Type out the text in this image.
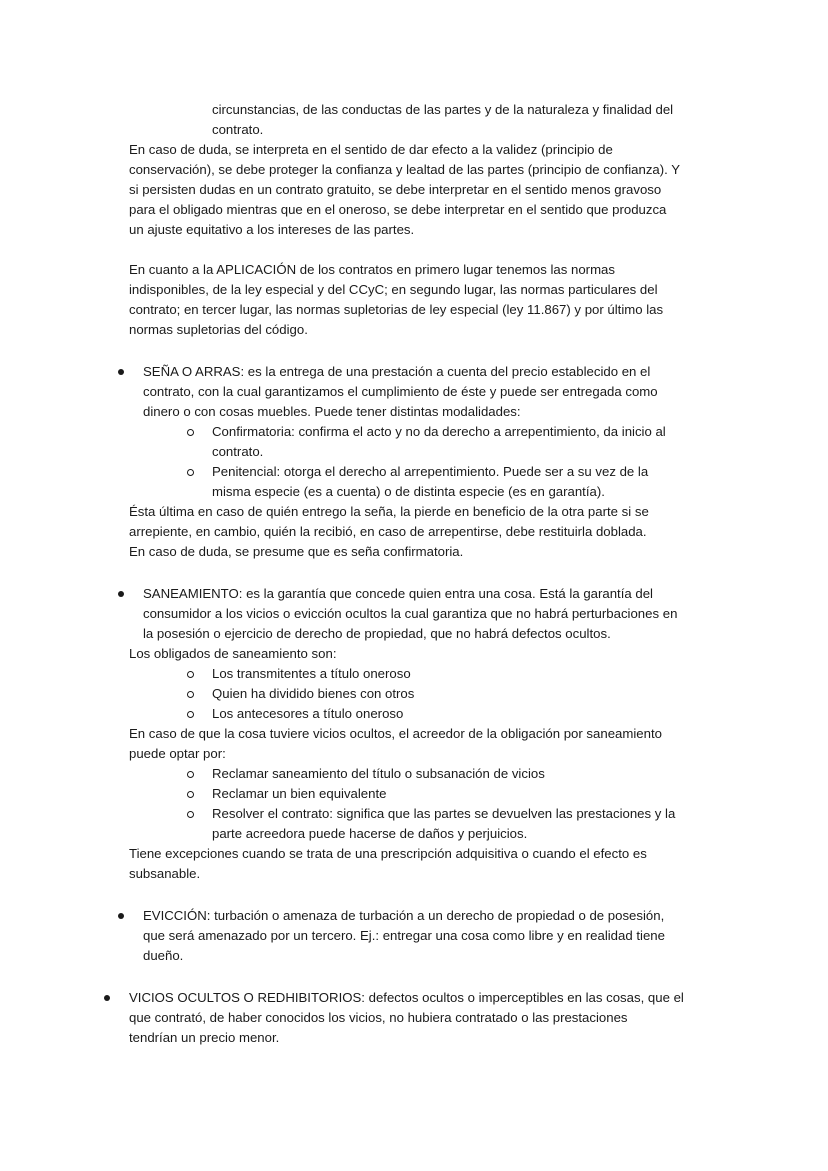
circunstancias, de las conductas de las partes y de la naturaleza y finalidad del

contrato.

En caso de duda, se interpreta en el sentido de dar efecto a la validez (principio de

conservación), se debe proteger la confianza y lealtad de las partes (principio de confianza). Y

si persisten dudas en un contrato gratuito, se debe interpretar en el sentido menos gravoso

para el obligado mientras que en el oneroso, se debe interpretar en el sentido que produzca

un ajuste equitativo a los intereses de las partes.

En cuanto a la APLICACIÓN de los contratos en primero lugar tenemos las normas

indisponibles, de la ley especial y del CCyC; en segundo lugar, las normas particulares del

contrato; en tercer lugar, las normas supletorias de ley especial (ley 11.867) y por último las

normas supletorias del código.

SEÑA O ARRAS: es la entrega de una prestación a cuenta del precio establecido en el

contrato, con la cual garantizamos el cumplimiento de éste y puede ser entregada como

dinero o con cosas muebles. Puede tener distintas modalidades:

Confirmatoria: confirma el acto y no da derecho a arrepentimiento, da inicio al

contrato.

Penitencial: otorga el derecho al arrepentimiento. Puede ser a su vez de la

misma especie (es a cuenta) o de distinta especie (es en garantía).

Ésta última en caso de quién entrego la seña, la pierde en beneficio de la otra parte si se

arrepiente, en cambio, quién la recibió, en caso de arrepentirse, debe restituirla doblada.

En caso de duda, se presume que es seña confirmatoria.

SANEAMIENTO: es la garantía que concede quien entra una cosa. Está la garantía del

consumidor a los vicios o evicción ocultos la cual garantiza que no habrá perturbaciones en

la posesión o ejercicio de derecho de propiedad, que no habrá defectos ocultos.

Los obligados de saneamiento son:

Los transmitentes a título oneroso

Quien ha dividido bienes con otros

Los antecesores a título oneroso

En caso de que la cosa tuviere vicios ocultos, el acreedor de la obligación por saneamiento

puede optar por:

Reclamar saneamiento del título o subsanación de vicios

Reclamar un bien equivalente

Resolver el contrato: significa que las partes se devuelven las prestaciones y la

parte acreedora puede hacerse de daños y perjuicios.

Tiene excepciones cuando se trata de una prescripción adquisitiva o cuando el efecto es

subsanable.

EVICCIÓN: turbación o amenaza de turbación a un derecho de propiedad o de posesión,

que será amenazado por un tercero. Ej.: entregar una cosa como libre y en realidad tiene

dueño.

VICIOS OCULTOS O REDHIBITORIOS: defectos ocultos o imperceptibles en las cosas, que el

que contrató, de haber conocidos los vicios, no hubiera contratado o las prestaciones

tendrían un precio menor.
